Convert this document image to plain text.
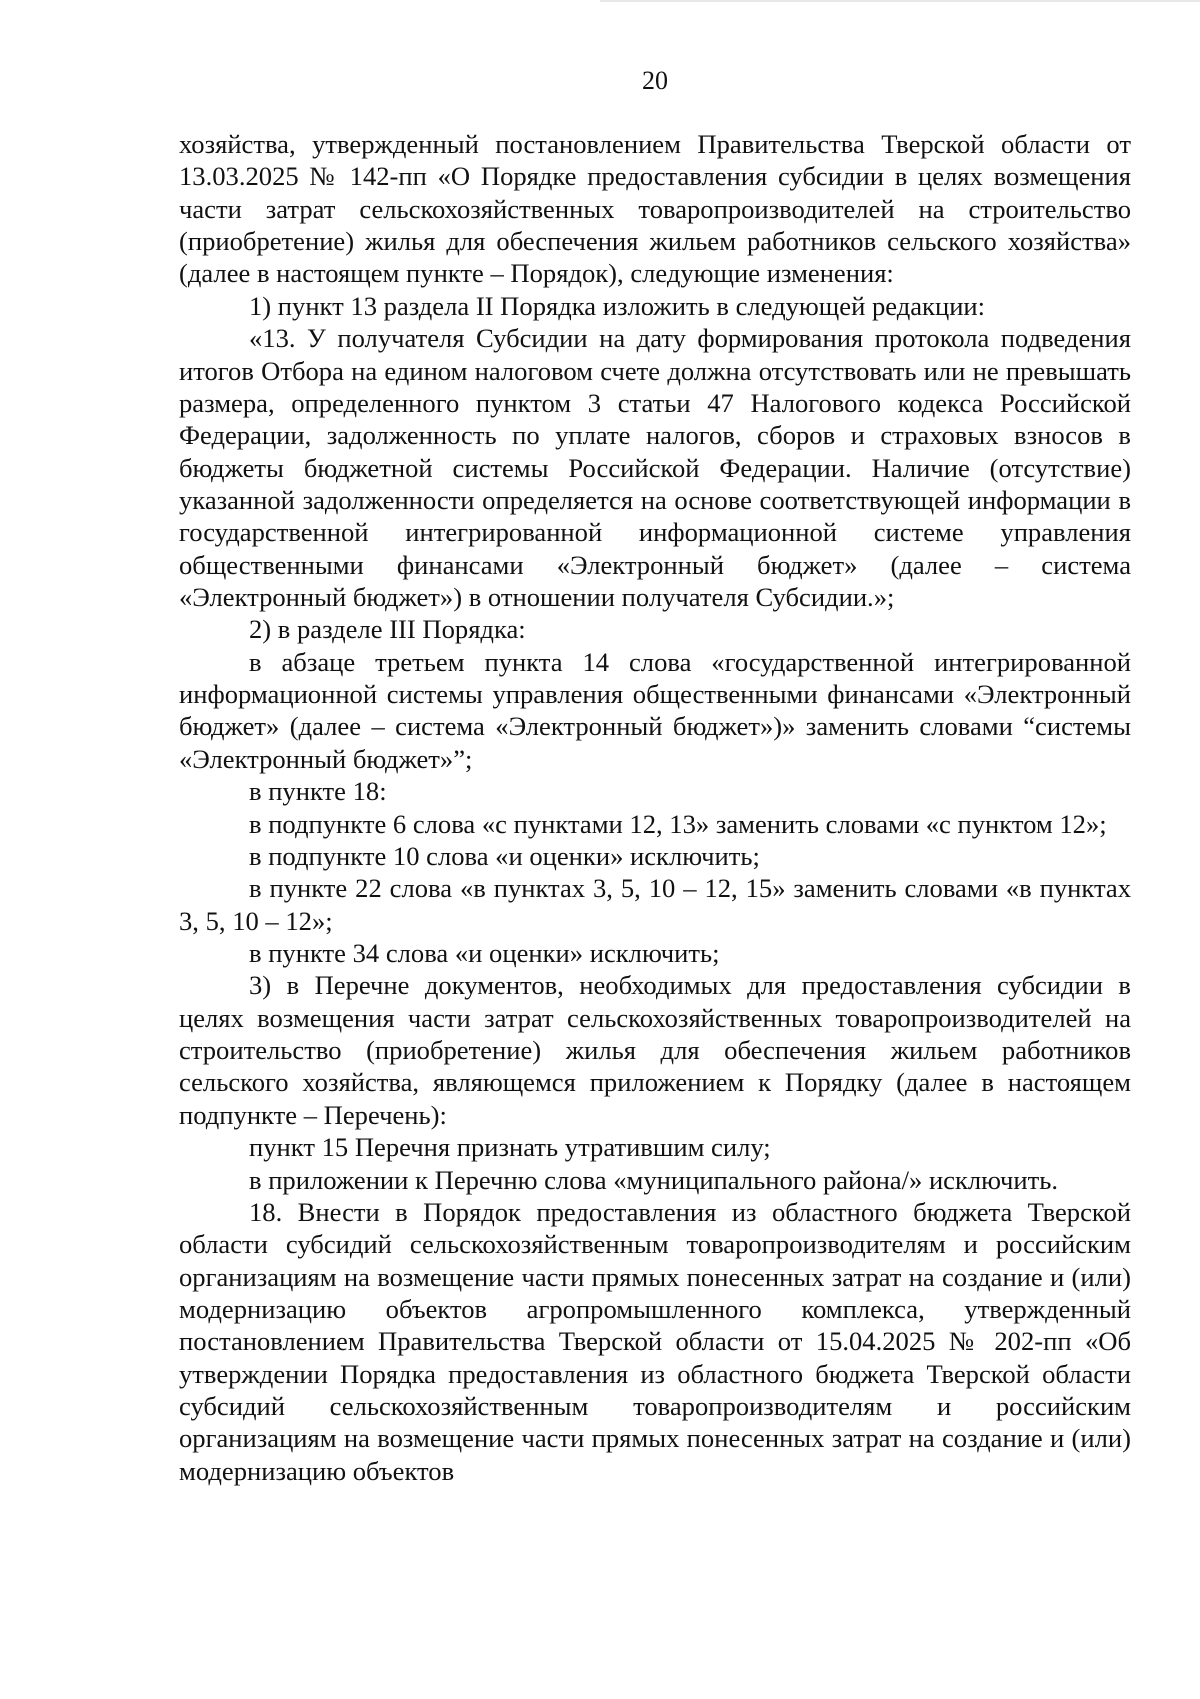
20

хозяйства, утвержденный постановлением Правительства Тверской области от 13.03.2025 № 142-пп «О Порядке предоставления субсидии в целях возмещения части затрат сельскохозяйственных товаропроизводителей на строительство (приобретение) жилья для обеспечения жильем работников сельского хозяйства» (далее в настоящем пункте – Порядок), следующие изменения:

1) пункт 13 раздела II Порядка изложить в следующей редакции:

«13. У получателя Субсидии на дату формирования протокола подведения итогов Отбора на едином налоговом счете должна отсутствовать или не превышать размера, определенного пунктом 3 статьи 47 Налогового кодекса Российской Федерации, задолженность по уплате налогов, сборов и страховых взносов в бюджеты бюджетной системы Российской Федерации. Наличие (отсутствие) указанной задолженности определяется на основе соответствующей информации в государственной интегрированной информационной системе управления общественными финансами «Электронный бюджет» (далее – система «Электронный бюджет») в отношении получателя Субсидии.»;

2) в разделе III Порядка:

в абзаце третьем пункта 14 слова «государственной интегрированной информационной системы управления общественными финансами «Электронный бюджет» (далее – система «Электронный бюджет»)» заменить словами “системы «Электронный бюджет»”;

в пункте 18:

в подпункте 6 слова «с пунктами 12, 13» заменить словами «с пунктом 12»;

в подпункте 10 слова «и оценки» исключить;

в пункте 22 слова «в пунктах 3, 5, 10 – 12, 15» заменить словами «в пунктах 3, 5, 10 – 12»;

в пункте 34 слова «и оценки» исключить;

3) в Перечне документов, необходимых для предоставления субсидии в целях возмещения части затрат сельскохозяйственных товаропроизводителей на строительство (приобретение) жилья для обеспечения жильем работников сельского хозяйства, являющемся приложением к Порядку (далее в настоящем подпункте – Перечень):

пункт 15 Перечня признать утратившим силу;

в приложении к Перечню слова «муниципального района/» исключить.

18. Внести в Порядок предоставления из областного бюджета Тверской области субсидий сельскохозяйственным товаропроизводителям и российским организациям на возмещение части прямых понесенных затрат на создание и (или) модернизацию объектов агропромышленного комплекса, утвержденный постановлением Правительства Тверской области от 15.04.2025 № 202-пп «Об утверждении Порядка предоставления из областного бюджета Тверской области субсидий сельскохозяйственным товаропроизводителям и российским организациям на возмещение части прямых понесенных затрат на создание и (или) модернизацию объектов
